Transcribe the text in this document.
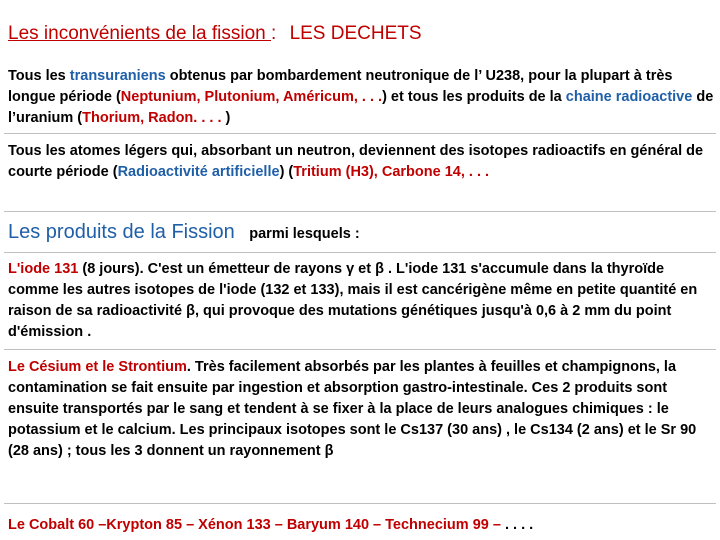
Les inconvénients de la fission : LES DECHETS

Tous les transuraniens obtenus par bombardement neutronique de l’ U238, pour la plupart à très longue période (Neptunium, Plutonium, Américum, . . .) et tous les produits de la chaine radioactive de l’uranium (Thorium, Radon. . . . )

Tous les atomes légers qui, absorbant un neutron, deviennent des isotopes radioactifs en général de courte période (Radioactivité artificielle) (Tritium (H3), Carbone 14, . . .

Les produits de la Fission parmi lesquels :

L'iode 131 (8 jours). C'est un émetteur de rayons γ et β . L'iode 131 s'accumule dans la thyroïde comme les autres isotopes de l'iode (132 et 133), mais il est cancérigène même en petite quantité en raison de sa radioactivité β, qui provoque des mutations génétiques jusqu'à 0,6 à 2 mm du point d'émission .

Le Césium et le Strontium. Très facilement absorbés par les plantes à feuilles et champignons, la contamination se fait ensuite par ingestion et absorption gastro-intestinale. Ces 2 produits sont ensuite transportés par le sang et tendent à se fixer à la place de leurs analogues chimiques : le potassium et le calcium. Les principaux isotopes sont le Cs137 (30 ans) , le Cs134 (2 ans) et le Sr 90 (28 ans) ; tous les 3 donnent un rayonnement β

Le Cobalt 60 –Krypton 85 – Xénon 133 – Baryum 140 – Technecium 99 – . . . .
